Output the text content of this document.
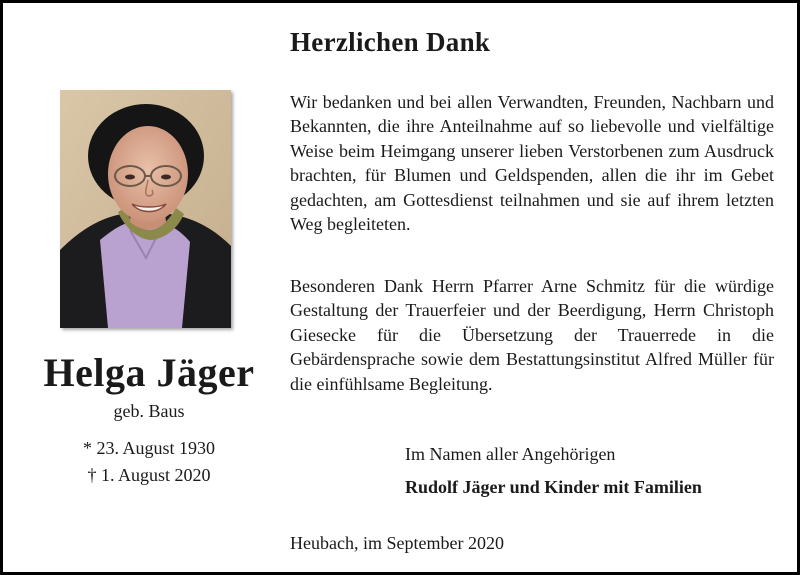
Helga Jäger
geb. Baus
* 23. August 1930
† 1. August 2020
Herzlichen Dank
Wir bedanken und bei allen Verwandten, Freunden, Nachbarn und Bekannten, die ihre Anteilnahme auf so liebevolle und vielfältige Weise beim Heimgang unserer lieben Verstorbenen zum Ausdruck brachten, für Blumen und Geldspenden, allen die ihr im Gebet gedachten, am Gottesdienst teilnahmen und sie auf ihrem letzten Weg begleiteten.
Besonderen Dank Herrn Pfarrer Arne Schmitz für die würdige Gestaltung der Trauerfeier und der Beerdigung, Herrn Christoph Giesecke für die Übersetzung der Trauerrede in die Gebärdensprache sowie dem Bestattungsinstitut Alfred Müller für die einfühlsame Begleitung.
Im Namen aller Angehörigen
Rudolf Jäger und Kinder mit Familien
Heubach, im September 2020
